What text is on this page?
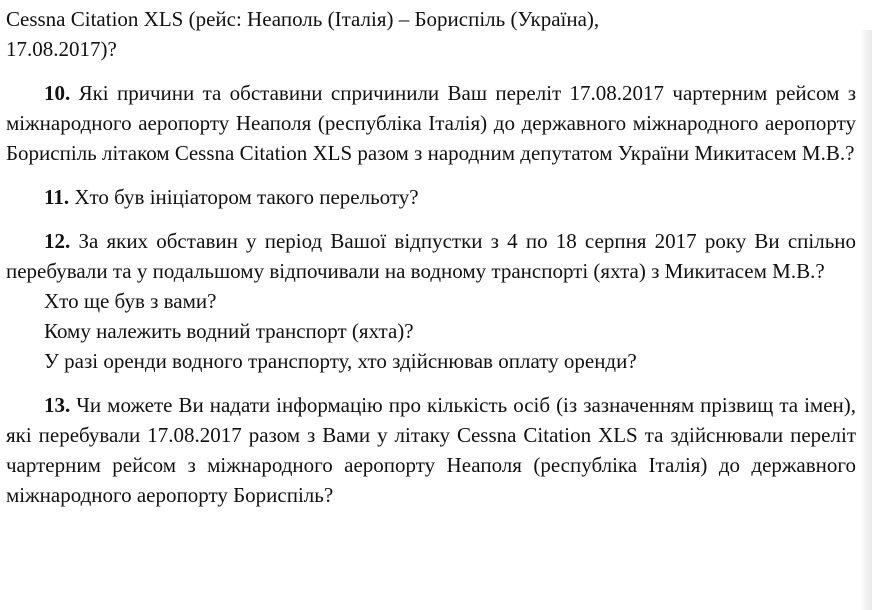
Cessna Citation XLS (рейс: Неаполь (Італія) – Бориспіль (Україна),
17.08.2017)?

10. Які причини та обставини спричинили Ваш переліт 17.08.2017 чартерним рейсом з міжнародного аеропорту Неаполя (республіка Італія) до державного міжнародного аеропорту Бориспіль літаком Cessna Citation XLS разом з народним депутатом України Микитасем М.В.?

11. Хто був ініціатором такого перельоту?

12. За яких обставин у період Вашої відпустки з 4 по 18 серпня 2017 року Ви спільно перебували та у подальшому відпочивали на водному транспорті (яхта) з Микитасем М.В.?

Хто ще був з вами?

Кому належить водний транспорт (яхта)?

У разі оренди водного транспорту, хто здійснював оплату оренди?

13. Чи можете Ви надати інформацію про кількість осіб (із зазначенням прізвищ та імен), які перебували 17.08.2017 разом з Вами у літаку Cessna Citation XLS та здійснювали переліт чартерним рейсом з міжнародного аеропорту Неаполя (республіка Італія) до державного міжнародного аеропорту Бориспіль?
